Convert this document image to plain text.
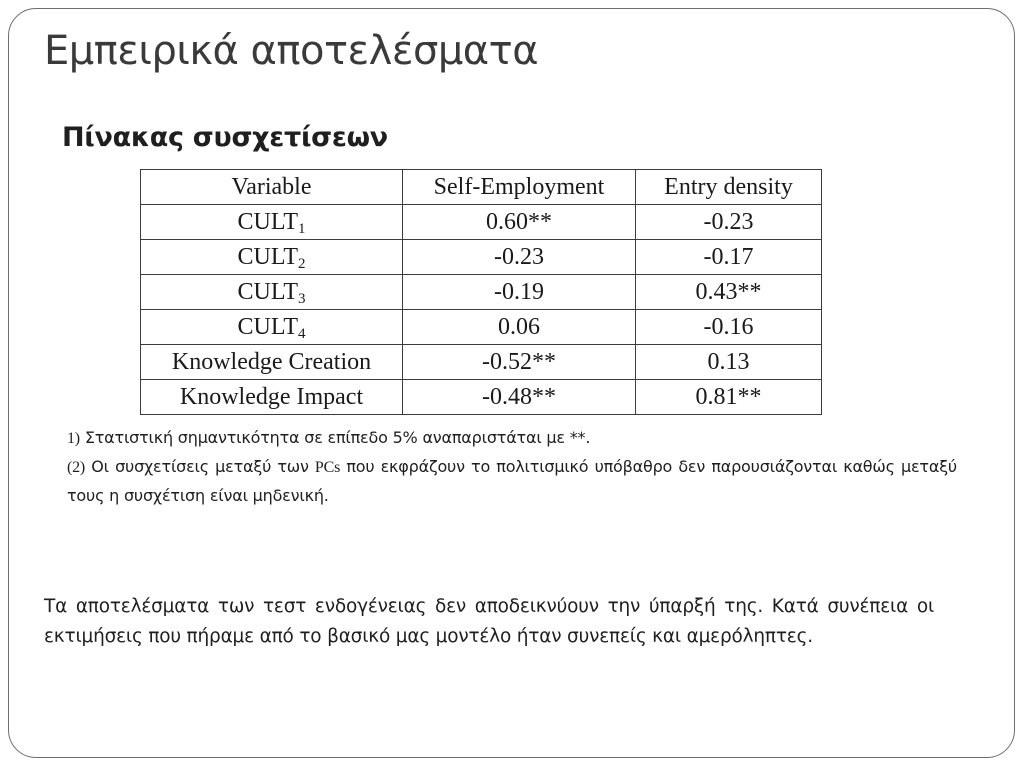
Εμπειρικά αποτελέσματα
Πίνακας συσχετίσεων
Variable	Self-Employment	Entry density
$CULT_1$	0.60**	-0.23
$CULT_2$	-0.23	-0.17
$CULT_3$	-0.19	0.43**
$CULT_4$	0.06	-0.16
Knowledge Creation	-0.52**	0.13
Knowledge Impact	-0.48**	0.81**

1) Στατιστική σημαντικότητα σε επίπεδο 5% αναπαριστάται με **.

(2) Οι συσχετίσεις μεταξύ των PCs που εκφράζουν το πολιτισμικό υπόβαθρο δεν παρουσιάζονται καθώς μεταξύ τους η συσχέτιση είναι μηδενική.

Τα αποτελέσματα των τεστ ενδογένειας δεν αποδεικνύουν την ύπαρξή της. Κατά συνέπεια οι εκτιμήσεις που πήραμε από το βασικό μας μοντέλο ήταν συνεπείς και αμερόληπτες.
